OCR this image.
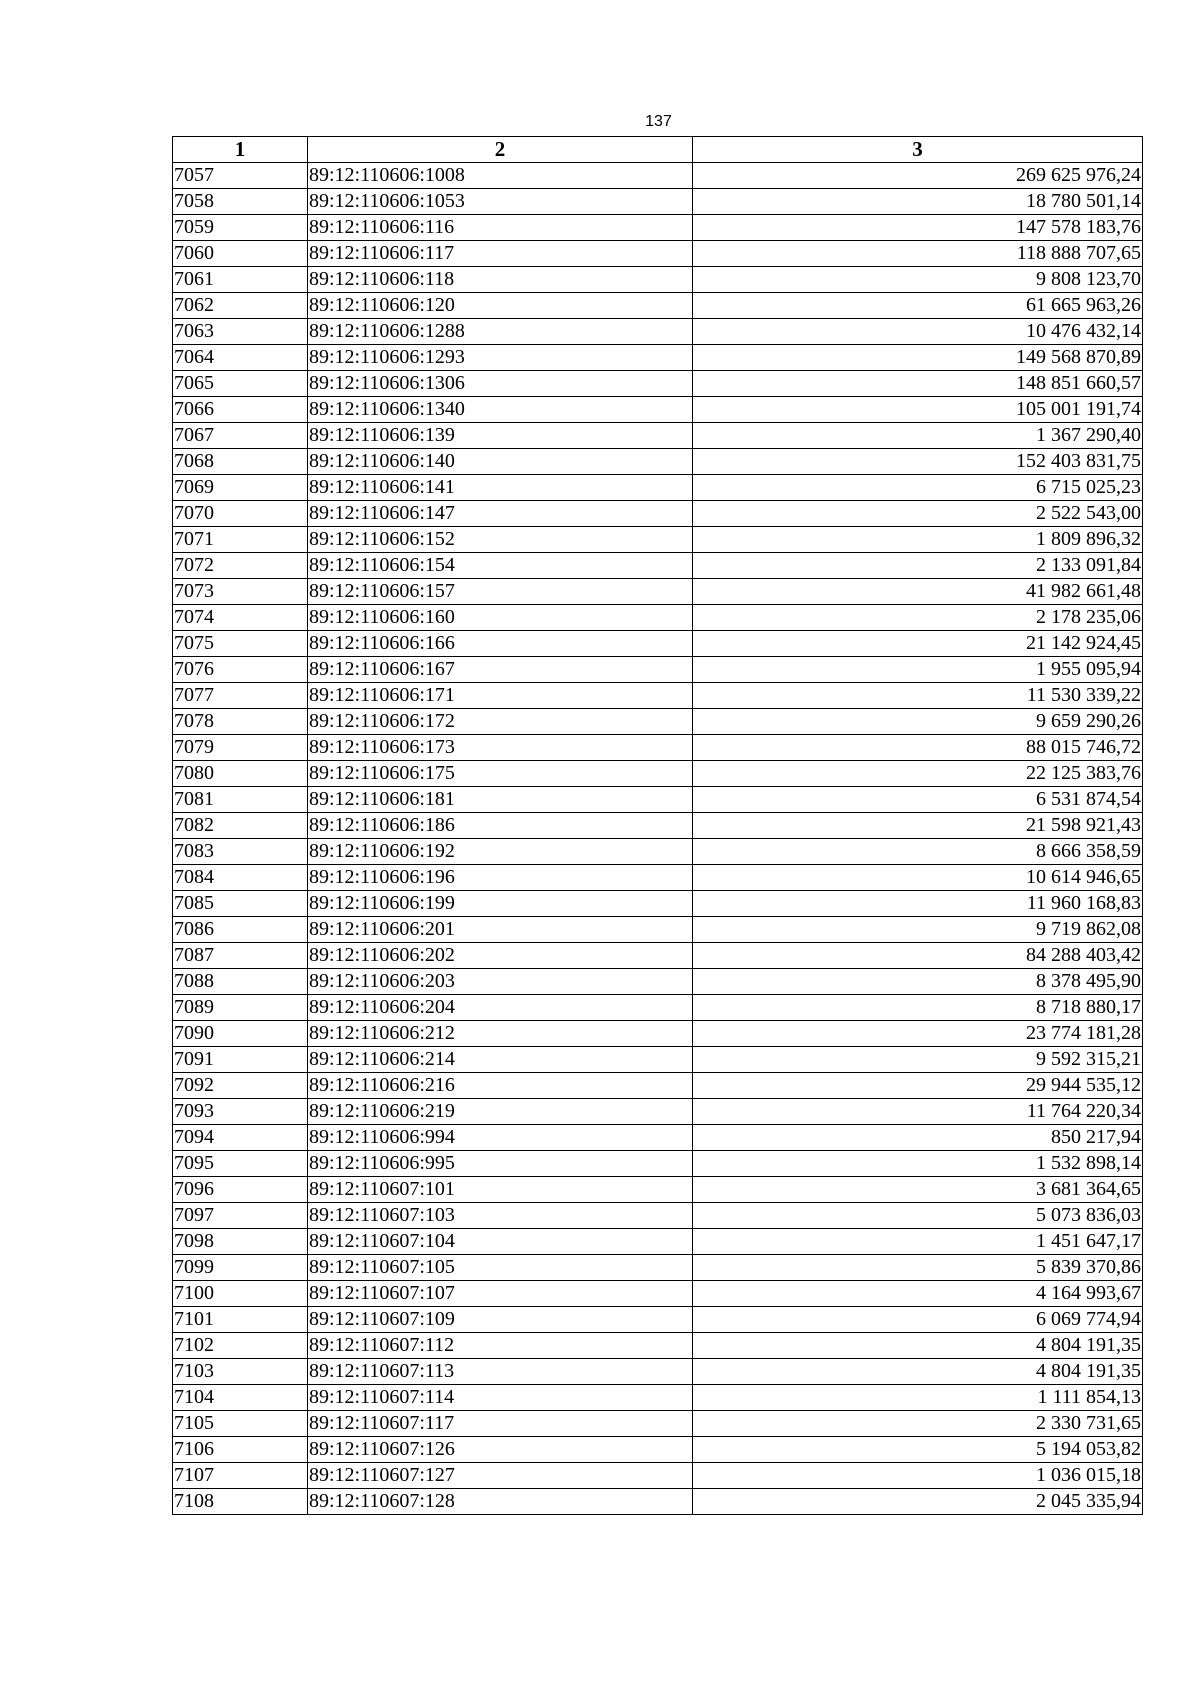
137
1	2	3
7057	89:12:110606:1008	269 625 976,24
7058	89:12:110606:1053	18 780 501,14
7059	89:12:110606:116	147 578 183,76
7060	89:12:110606:117	118 888 707,65
7061	89:12:110606:118	9 808 123,70
7062	89:12:110606:120	61 665 963,26
7063	89:12:110606:1288	10 476 432,14
7064	89:12:110606:1293	149 568 870,89
7065	89:12:110606:1306	148 851 660,57
7066	89:12:110606:1340	105 001 191,74
7067	89:12:110606:139	1 367 290,40
7068	89:12:110606:140	152 403 831,75
7069	89:12:110606:141	6 715 025,23
7070	89:12:110606:147	2 522 543,00
7071	89:12:110606:152	1 809 896,32
7072	89:12:110606:154	2 133 091,84
7073	89:12:110606:157	41 982 661,48
7074	89:12:110606:160	2 178 235,06
7075	89:12:110606:166	21 142 924,45
7076	89:12:110606:167	1 955 095,94
7077	89:12:110606:171	11 530 339,22
7078	89:12:110606:172	9 659 290,26
7079	89:12:110606:173	88 015 746,72
7080	89:12:110606:175	22 125 383,76
7081	89:12:110606:181	6 531 874,54
7082	89:12:110606:186	21 598 921,43
7083	89:12:110606:192	8 666 358,59
7084	89:12:110606:196	10 614 946,65
7085	89:12:110606:199	11 960 168,83
7086	89:12:110606:201	9 719 862,08
7087	89:12:110606:202	84 288 403,42
7088	89:12:110606:203	8 378 495,90
7089	89:12:110606:204	8 718 880,17
7090	89:12:110606:212	23 774 181,28
7091	89:12:110606:214	9 592 315,21
7092	89:12:110606:216	29 944 535,12
7093	89:12:110606:219	11 764 220,34
7094	89:12:110606:994	850 217,94
7095	89:12:110606:995	1 532 898,14
7096	89:12:110607:101	3 681 364,65
7097	89:12:110607:103	5 073 836,03
7098	89:12:110607:104	1 451 647,17
7099	89:12:110607:105	5 839 370,86
7100	89:12:110607:107	4 164 993,67
7101	89:12:110607:109	6 069 774,94
7102	89:12:110607:112	4 804 191,35
7103	89:12:110607:113	4 804 191,35
7104	89:12:110607:114	1 111 854,13
7105	89:12:110607:117	2 330 731,65
7106	89:12:110607:126	5 194 053,82
7107	89:12:110607:127	1 036 015,18
7108	89:12:110607:128	2 045 335,94
